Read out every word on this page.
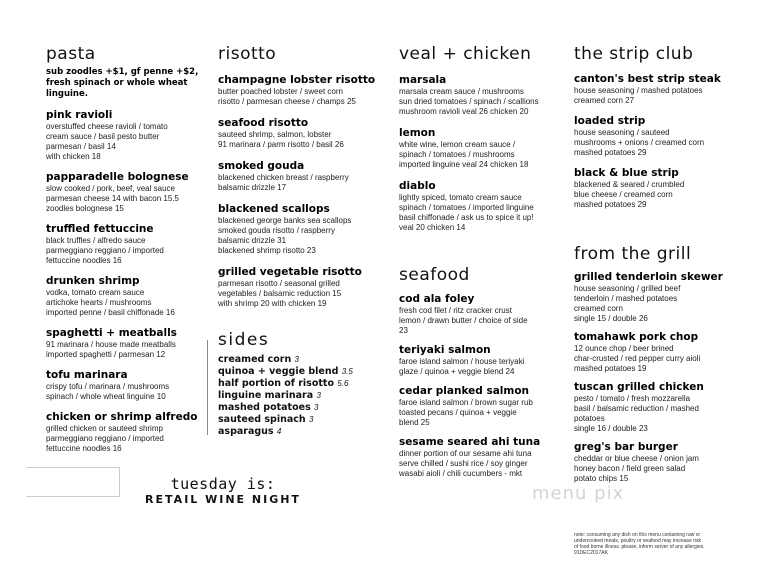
pasta
sub zoodles +$1, gf penne +$2, fresh spinach or whole wheat linguine.
pink ravioli
overstuffed cheese ravioli / tomato
cream sauce / basil pesto butter
parmesan / basil 14
with chicken 18
papparadelle bolognese
slow cooked / pork, beef, veal sauce
parmesan cheese 14 with bacon 15.5
zoodles bolognese 15
truffled fettuccine
black truffles / alfredo sauce
parmeggiano reggiano / imported
fettuccine noodles 16
drunken shrimp
vodka, tomato cream sauce
artichoke hearts / mushrooms
imported penne / basil chiffonade 16
spaghetti + meatballs
91 marinara / house made meatballs
imported spaghetti / parmesan 12
tofu marinara
crispy tofu / marinara / mushrooms
spinach / whole wheat linguine 10
chicken or shrimp alfredo
grilled chicken or sauteed shrimp
parmeggiano reggiano / imported
fettuccine noodles 16
risotto
champagne lobster risotto
butter poached lobster / sweet corn
risotto / parmesan cheese / champs 25
seafood risotto
sauteed shrimp, salmon, lobster
91 marinara / parm risotto / basil 26
smoked gouda
blackened chicken breast / raspberry
balsamic drizzle 17
blackened scallops
blackened george banks sea scallops
smoked gouda risotto / raspberry
balsamic drizzle 31
blackened shrimp risotto 23
grilled vegetable risotto
parmesan risotto / seasonal grilled
vegetables / balsamic reduction 15
with shrimp 20 with chicken 19
sides
creamed corn 3
quinoa + veggie blend 3.5
half portion of risotto 5.6
linguine marinara 3
mashed potatoes 3
sauteed spinach 3
asparagus 4
tuesday is:
RETAIL WINE NIGHT
veal + chicken
marsala
marsala cream sauce / mushrooms
sun dried tomatoes / spinach / scallions
mushroom ravioli veal 26 chicken 20
lemon
white wine, lemon cream sauce /
spinach / tomatoes / mushrooms
imported linguine veal 24 chicken 18
diablo
lightly spiced, tomato cream sauce
spinach / tomatoes / imported linguine
basil chiffonade / ask us to spice it up!
veal 20 chicken 14
seafood
cod ala foley
fresh cod filet / ritz cracker crust
lemon / drawn butter / choice of side
23
teriyaki salmon
faroe island salmon / house teriyaki
glaze / quinoa + veggie blend 24
cedar planked salmon
faroe island salmon / brown sugar rub
toasted pecans / quinoa + veggie
blend 25
sesame seared ahi tuna
dinner portion of our sesame ahi tuna
serve chilled / sushi rice / soy ginger
wasabi aioli / chili cucumbers - mkt
the strip club
canton's best strip steak
house seasoning / mashed potatoes
creamed corn 27
loaded strip
house seasoning / sauteed
mushrooms + onions / creamed corn
mashed potatoes 29
black & blue strip
blackened & seared / crumbled
blue cheese / creamed corn
mashed potatoes 29
from the grill
grilled tenderloin skewer
house seasoning / grilled beef
tenderloin / mashed potatoes
creamed corn
single 15 / double 26
tomahawk pork chop
12 ounce chop / beer brined
char-crusted / red pepper curry aioli
mashed potatoes 19
tuscan grilled chicken
pesto / tomato / fresh mozzarella
basil / balsamic reduction / mashed
potatoes
single 16 / double 23
greg's bar burger
cheddar or blue cheese / onion jam
honey bacon / field green salad
potato chips 15
menu pix
note: consuming any dish on this menu containing raw or
undercooked meats, poultry or seafood may increase risk
of food borne illness. please, inform server of any allergies.
91DEC2017AK
